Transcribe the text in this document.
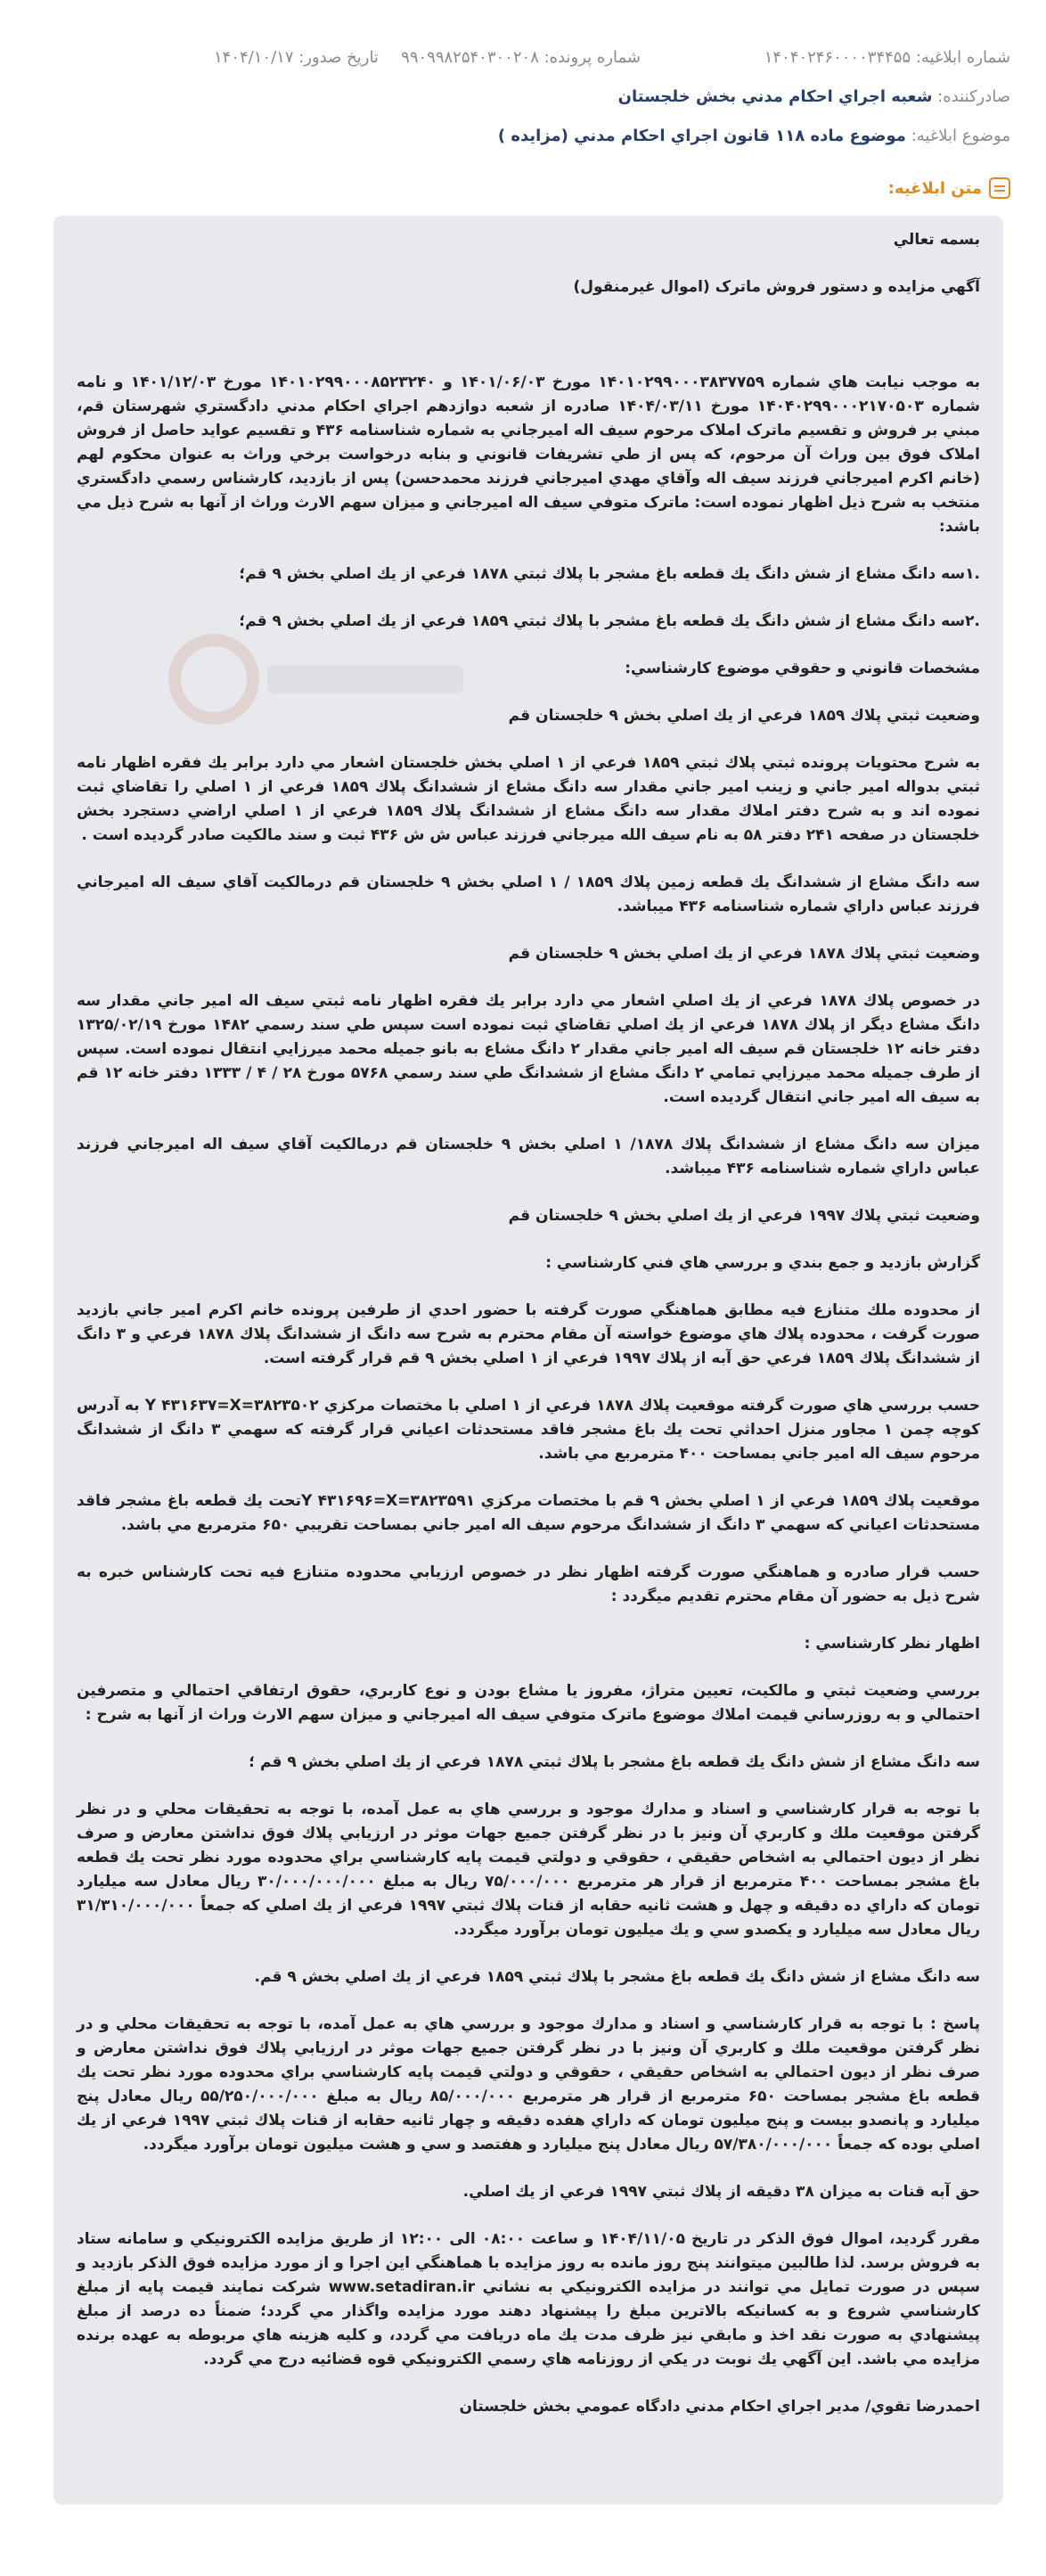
شماره ابلاغيه: ۱۴۰۴۰۲۴۶۰۰۰۰۳۴۴۵۵
شماره پرونده: ۹۹۰۹۹۸۲۵۴۰۳۰۰۲۰۸
تاريخ صدور: ۱۴۰۴/۱۰/۱۷
صادرکننده: شعبه اجراي احکام مدني بخش خلجستان
موضوع ابلاغيه: موضوع ماده ۱۱۸ قانون اجراي احکام مدني (مزايده )
متن ابلاغيه:
بسمه تعالي
آگهي مزايده و دستور فروش ماترک (اموال غيرمنقول)
به موجب نيابت هاي شماره ۱۴۰۱۰۲۹۹۰۰۰۳۸۳۷۷۵۹ مورخ ۱۴۰۱/۰۶/۰۳ و ۱۴۰۱۰۲۹۹۰۰۰۸۵۲۳۲۴۰ مورخ ۱۴۰۱/۱۲/۰۳ و نامه شماره ۱۴۰۴۰۲۹۹۰۰۰۲۱۷۰۵۰۳ مورخ ۱۴۰۴/۰۳/۱۱ صادره از شعبه دوازدهم اجراي احکام مدني دادگستري شهرستان قم، مبني بر فروش و تقسيم ماترک املاک مرحوم سيف اله اميرجاني به شماره شناسنامه ۴۳۶ و تقسيم عوايد حاصل از فروش املاک فوق بين وراث آن مرحوم، که پس از طي تشريفات قانوني و بنابه درخواست برخي وراث به عنوان محکوم لهم (خانم اکرم اميرجاني فرزند سيف اله وآقاي مهدي اميرجاني فرزند محمدحسن) پس از بازديد، کارشناس رسمي دادگستري منتخب به شرح ذيل اظهار نموده است: ماترک متوفي سيف اله اميرجاني و ميزان سهم الارث وراث از آنها به شرح ذيل مي باشد:
.۱سه دانگ مشاع از شش دانگ يك قطعه باغ مشجر با پلاك ثبتي ۱۸۷۸ فرعي از يك اصلي بخش ۹ قم؛
.۲سه دانگ مشاع از شش دانگ يك قطعه باغ مشجر با پلاك ثبتي ۱۸۵۹ فرعي از يك اصلي بخش ۹ قم؛
مشخصات قانوني و حقوقي موضوع كارشناسي:
وضعيت ثبتي پلاك ۱۸۵۹ فرعي از يك اصلي بخش ۹ خلجستان قم
به شرح محتويات پرونده ثبتي پلاك ثبتي ۱۸۵۹ فرعي از ۱ اصلي بخش خلجستان اشعار مي دارد برابر يك فقره اظهار نامه ثبتي بدواله امير جاني و زينب امير جاني مقدار سه دانگ مشاع از ششدانگ پلاك ۱۸۵۹ فرعي از ۱ اصلي را تقاضاي ثبت نموده اند و به شرح دفتر املاك مقدار سه دانگ مشاع از ششدانگ پلاك ۱۸۵۹ فرعي از ۱ اصلي اراضي دستجرد بخش خلجستان در صفحه ۲۴۱ دفتر ۵۸ به نام سيف الله ميرجاني فرزند عباس ش ش ۴۳۶ ثبت و سند مالكيت صادر گرديده است .
سه دانگ مشاع از ششدانگ يك قطعه زمين پلاك ۱۸۵۹ / ۱ اصلي بخش ۹ خلجستان قم درمالكيت آقاي سيف اله اميرجاني فرزند عباس داراي شماره شناسنامه ۴۳۶ ميباشد.
وضعيت ثبتي پلاك ۱۸۷۸ فرعي از يك اصلي بخش ۹ خلجستان قم
در خصوص پلاك ۱۸۷۸ فرعي از يك اصلي اشعار مي دارد برابر يك فقره اظهار نامه ثبتي سيف اله امير جاني مقدار سه دانگ مشاع ديگر از پلاك ۱۸۷۸ فرعي از يك اصلي تقاضاي ثبت نموده است سپس طي سند رسمي ۱۴۸۲ مورخ ۱۳۲۵/۰۲/۱۹ دفتر خانه ۱۲ خلجستان قم سيف اله امير جاني مقدار ۲ دانگ مشاع به بانو جميله محمد ميرزايي انتقال نموده است. سپس از طرف جميله محمد ميرزايي تمامي ۲ دانگ مشاع از ششدانگ طي سند رسمي ۵۷۶۸ مورخ ۲۸ / ۴ / ۱۳۳۳ دفتر خانه ۱۲ قم به سيف اله امير جاني انتقال گرديده است.
ميزان سه دانگ مشاع از ششدانگ پلاك ۱۸۷۸/ ۱ اصلي بخش ۹ خلجستان قم درمالكيت آقاي سيف اله اميرجاني فرزند عباس داراي شماره شناسنامه ۴۳۶ ميباشد.
وضعيت ثبتي پلاك ۱۹۹۷ فرعي از يك اصلي بخش ۹ خلجستان قم
گزارش بازديد و جمع بندي و بررسي هاي فني كارشناسي :
از محدوده ملك متنازع فيه مطابق هماهنگي صورت گرفته با حضور احدي از طرفين پرونده خانم اكرم امير جاني بازديد صورت گرفت ، محدوده پلاك هاي موضوع خواسته آن مقام محترم به شرح سه دانگ از ششدانگ پلاك ۱۸۷۸ فرعي و ۳ دانگ از ششدانگ پلاك ۱۸۵۹ فرعي حق آبه از پلاك ۱۹۹۷ فرعي از ۱ اصلي بخش ۹ قم قرار گرفته است.
حسب بررسي هاي صورت گرفته موقعيت پلاك ۱۸۷۸ فرعي از ۱ اصلي با مختصات مركزي ۳۸۲۳۵۰۲=Y ۴۳۱۶۳۷=X به آدرس كوچه چمن ۱ مجاور منزل احداثي تحت يك باغ مشجر فاقد مستحدثات اعياني قرار گرفته كه سهمي ۳ دانگ از ششدانگ مرحوم سيف اله امير جاني بمساحت ۴۰۰ مترمربع مي باشد.
موقعيت پلاك ۱۸۵۹ فرعي از ۱ اصلي بخش ۹ قم با مختصات مركزي ۳۸۲۳۵۹۱=Y ۴۳۱۶۹۶=Xتحت يك قطعه باغ مشجر فاقد مستحدثات اعياني كه سهمي ۳ دانگ از ششدانگ مرحوم سيف اله امير جاني بمساحت تقريبي ۶۵۰ مترمربع مي باشد.
حسب قرار صادره و هماهنگي صورت گرفته اظهار نظر در خصوص ارزيابي محدوده متنازع فيه تحت كارشناس خبره به شرح ذيل به حضور آن مقام محترم تقديم ميگردد :
اظهار نظر كارشناسي :
بررسي وضعيت ثبتي و مالكيت، تعيين متراژ، مفروز يا مشاع بودن و نوع كاربري، حقوق ارتفاقي احتمالي و متصرفين احتمالي و به روزرساني قيمت املاك موضوع ماترک متوفي سيف اله اميرجاني و ميزان سهم الارث وراث از آنها به شرح :
سه دانگ مشاع از شش دانگ يك قطعه باغ مشجر با پلاك ثبتي ۱۸۷۸ فرعي از يك اصلي بخش ۹ قم ؛
با توجه به قرار كارشناسي و اسناد و مدارك موجود و بررسي هاي به عمل آمده، با توجه به تحقيقات محلي و در نظر گرفتن موقعيت ملك و كاربري آن ونيز با در نظر گرفتن جميع جهات موثر در ارزيابي پلاك فوق نداشتن معارض و صرف نظر از ديون احتمالي به اشخاص حقيقي ، حقوقي و دولتي قيمت پايه كارشناسي براي محدوده مورد نظر تحت يك قطعه باغ مشجر بمساحت ۴۰۰ مترمربع از قرار هر مترمربع ۷۵/۰۰۰/۰۰۰ ريال به مبلغ ۳۰/۰۰۰/۰۰۰/۰۰۰ ريال معادل سه ميليارد تومان كه داراي ده دقيقه و چهل و هشت ثانيه حقابه از قنات پلاك ثبتي ۱۹۹۷ فرعي از يك اصلي كه جمعاً ۳۱/۳۱۰/۰۰۰/۰۰۰ ريال معادل سه ميليارد و يكصدو سي و يك ميليون تومان برآورد ميگردد.
سه دانگ مشاع از شش دانگ يك قطعه باغ مشجر با پلاك ثبتي ۱۸۵۹ فرعي از يك اصلي بخش ۹ قم.
پاسخ : با توجه به قرار كارشناسي و اسناد و مدارك موجود و بررسي هاي به عمل آمده، با توجه به تحقيقات محلي و در نظر گرفتن موقعيت ملك و كاربري آن ونيز با در نظر گرفتن جميع جهات موثر در ارزيابي پلاك فوق نداشتن معارض و صرف نظر از ديون احتمالي به اشخاص حقيقي ، حقوقي و دولتي قيمت پايه كارشناسي براي محدوده مورد نظر تحت يك قطعه باغ مشجر بمساحت ۶۵۰ مترمربع از قرار هر مترمربع ۸۵/۰۰۰/۰۰۰ ريال به مبلغ ۵۵/۲۵۰/۰۰۰/۰۰۰ ريال معادل پنج ميليارد و پانصدو بيست و پنج ميليون تومان كه داراي هفده دقيقه و چهار ثانيه حقابه از قنات پلاك ثبتي ۱۹۹۷ فرعي از يك اصلي بوده كه جمعاً ۵۷/۳۸۰/۰۰۰/۰۰۰ ريال معادل پنج ميليارد و هفتصد و سي و هشت ميليون تومان برآورد ميگردد.
حق آبه قنات به ميزان ۳۸ دقيقه از پلاك ثبتي ۱۹۹۷ فرعي از يك اصلي.
مقرر گرديد، اموال فوق الذكر در تاريخ ۱۴۰۴/۱۱/۰۵ و ساعت ۰۸:۰۰ الی ۱۲:۰۰ از طريق مزايده الكترونيكي و سامانه ستاد به فروش برسد. لذا طالبين ميتوانند پنج روز مانده به روز مزايده با هماهنگي اين اجرا و از مورد مزايده فوق الذكر بازديد و سپس در صورت تمايل مي توانند در مزايده الكترونيكي به نشاني www.setadiran.ir شركت نمايند قيمت پايه از مبلغ كارشناسي شروع و به كسانيكه بالاترين مبلغ را پيشنهاد دهند مورد مزايده واگذار مي گردد؛ ضمناً ده درصد از مبلغ پيشنهادي به صورت نقد اخذ و مابقي نيز ظرف مدت يك ماه دريافت مي گردد، و كليه هزينه هاي مربوطه به عهده برنده مزايده مي باشد. اين آگهي يك نوبت در يكي از روزنامه هاي رسمي الكترونيكي قوه قضائيه درج مي گردد.
احمدرضا تقوي/ مدير اجراي احکام مدني دادگاه عمومي بخش خلجستان
